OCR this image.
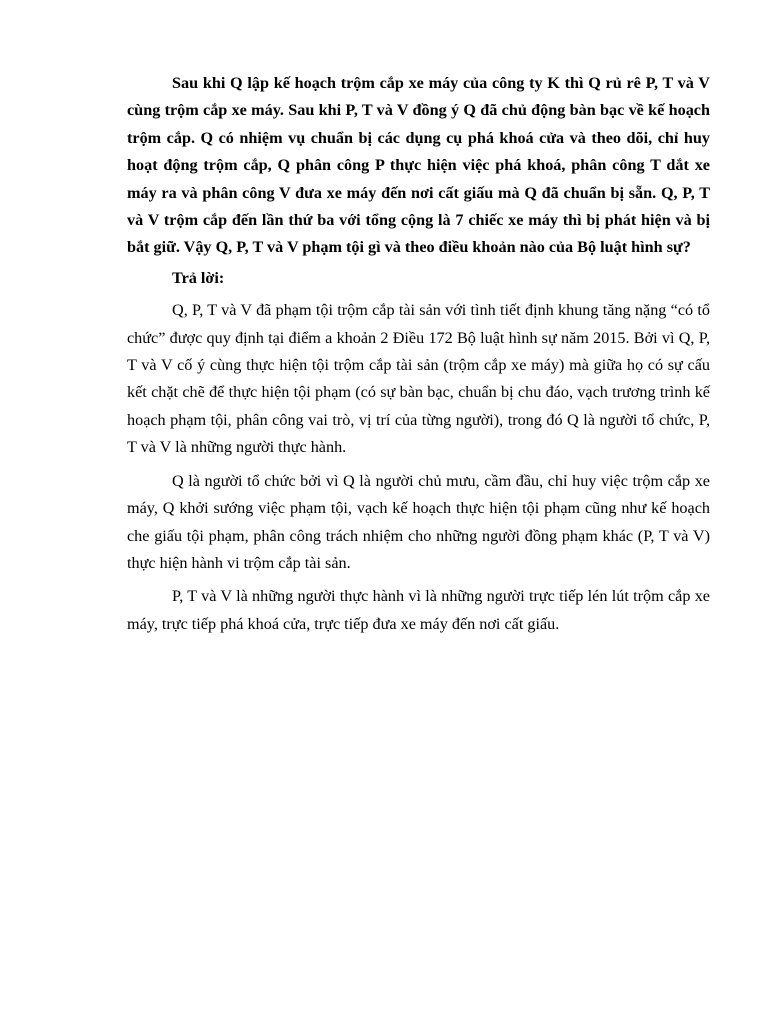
Sau khi Q lập kế hoạch trộm cắp xe máy của công ty K thì Q rủ rê P, T và V cùng trộm cắp xe máy. Sau khi P, T và V đồng ý Q đã chủ động bàn bạc về kế hoạch trộm cắp. Q có nhiệm vụ chuẩn bị các dụng cụ phá khoá cửa và theo dõi, chỉ huy hoạt động trộm cắp, Q phân công P thực hiện việc phá khoá, phân công T dắt xe máy ra và phân công V đưa xe máy đến nơi cất giấu mà Q đã chuẩn bị sẵn. Q, P, T và V trộm cắp đến lần thứ ba với tổng cộng là 7 chiếc xe máy thì bị phát hiện và bị bắt giữ. Vậy Q, P, T và V phạm tội gì và theo điều khoản nào của Bộ luật hình sự?

Trả lời:

Q, P, T và V đã phạm tội trộm cắp tài sản với tình tiết định khung tăng nặng “có tổ chức” được quy định tại điểm a khoản 2 Điều 172 Bộ luật hình sự năm 2015. Bởi vì Q, P, T và V cố ý cùng thực hiện tội trộm cắp tài sản (trộm cắp xe máy) mà giữa họ có sự cấu kết chặt chẽ để thực hiện tội phạm (có sự bàn bạc, chuẩn bị chu đáo, vạch trương trình kế hoạch phạm tội, phân công vai trò, vị trí của từng người), trong đó Q là người tổ chức, P, T và V là những người thực hành.

Q là người tổ chức bởi vì Q là người chủ mưu, cầm đầu, chỉ huy việc trộm cắp xe máy, Q khởi sướng việc phạm tội, vạch kế hoạch thực hiện tội phạm cũng như kế hoạch che giấu tội phạm, phân công trách nhiệm cho những người đồng phạm khác (P, T và V) thực hiện hành vi trộm cắp tài sản.

P, T và V là những người thực hành vì là những người trực tiếp lén lút trộm cắp xe máy, trực tiếp phá khoá cửa, trực tiếp đưa xe máy đến nơi cất giấu.
